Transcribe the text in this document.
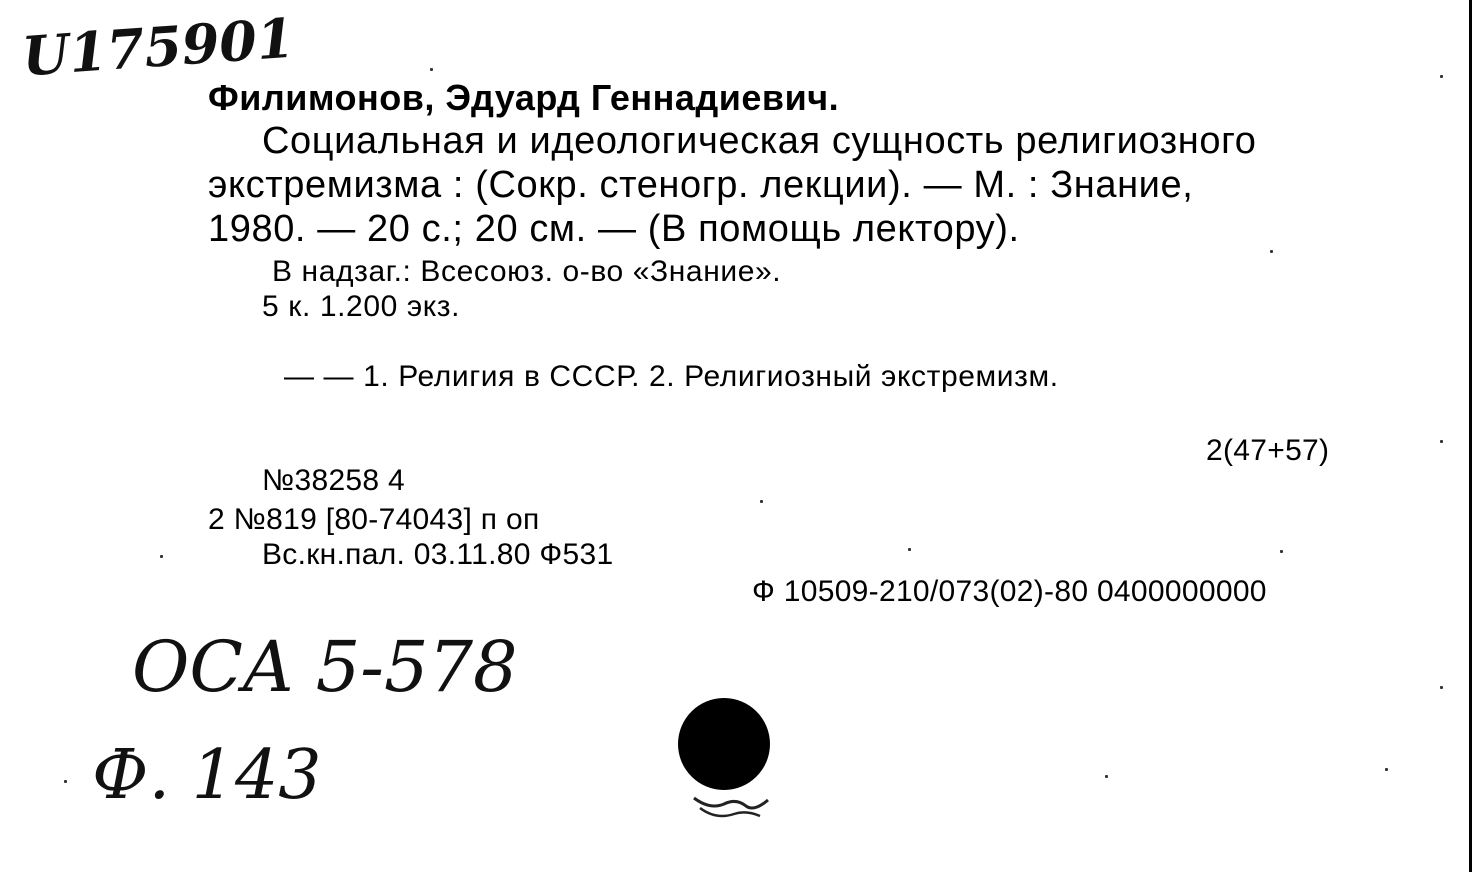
U175901
Филимонов, Эдуард Геннадиевич.
Социальная и идеологическая сущность религиозного
экстремизма : (Сокр. стеногр. лекции). — М. : Знание,
1980. — 20 с.; 20 см. — (В помощь лектору).
В надзаг.: Всесоюз. о-во «Знание».
5 к. 1.200 экз.
— — 1. Религия в СССР. 2. Религиозный экстремизм.
2(47+57)
№38258 4
2 №819 [80-74043] п оп
Вс.кн.пал. 03.11.80 Ф531
Ф 10509-210/073(02)-80 0400000000
OCA 5-578
Ф. 143
